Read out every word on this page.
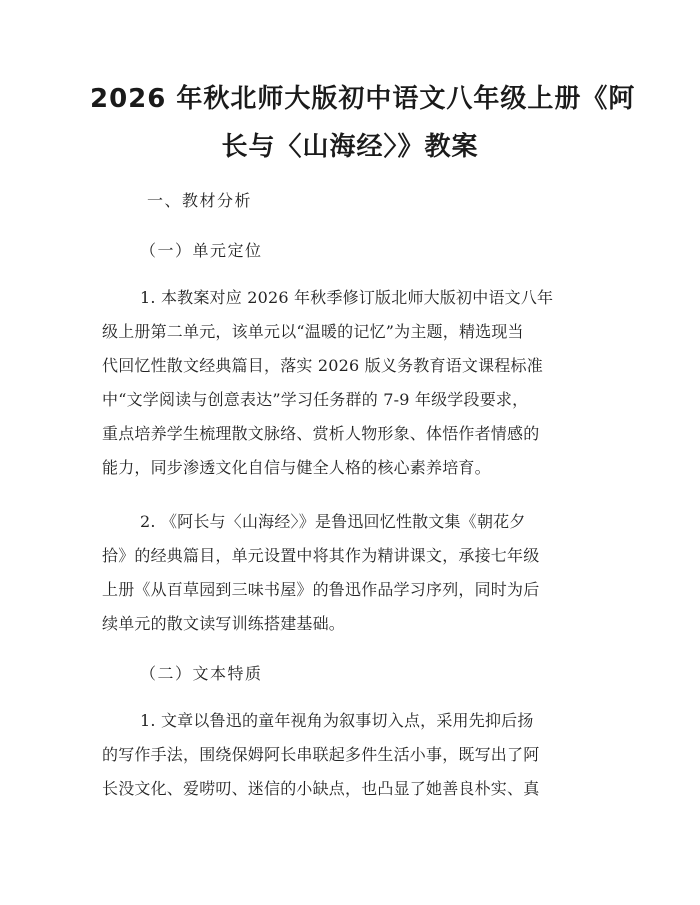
2026 年秋北师大版初中语文八年级上册《阿
长与〈山海经〉》教案
一、教材分析
（一）单元定位
1. 本教案对应 2026 年秋季修订版北师大版初中语文八年
级上册第二单元，该单元以“温暖的记忆”为主题，精选现当
代回忆性散文经典篇目，落实 2026 版义务教育语文课程标准
中“文学阅读与创意表达”学习任务群的 7-9 年级学段要求，
重点培养学生梳理散文脉络、赏析人物形象、体悟作者情感的
能力，同步渗透文化自信与健全人格的核心素养培育。
2. 《阿长与〈山海经〉》是鲁迅回忆性散文集《朝花夕
拾》的经典篇目，单元设置中将其作为精讲课文，承接七年级
上册《从百草园到三味书屋》的鲁迅作品学习序列，同时为后
续单元的散文读写训练搭建基础。
（二）文本特质
1. 文章以鲁迅的童年视角为叙事切入点，采用先抑后扬
的写作手法，围绕保姆阿长串联起多件生活小事，既写出了阿
长没文化、爱唠叨、迷信的小缺点，也凸显了她善良朴实、真
